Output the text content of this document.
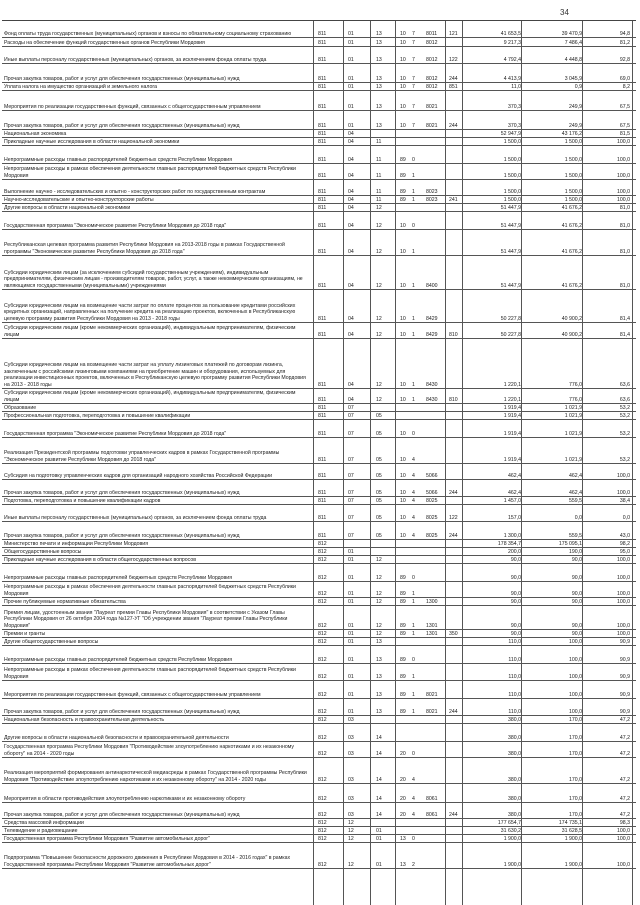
34
Фонд оплаты труда государственных (муниципальных) органов и взносы по обязательному социальному страхованию	811	01	13	10	7	8011	121	41 653,5	39 470,9	94,8
Расходы на обеспечение функций государственных органов Республики Мордовия	811	01	13	10	7	8012	9 217,3	7 486,4	81,2
Иные выплаты персоналу государственных (муниципальных) органов, за исключением фонда оплаты труда	811	01	13	10	7	8012	122	4 792,4	4 448,8	92,8
Прочая закупка товаров, работ и услуг для обеспечения государственных (муниципальных) нужд	811	01	13	10	7	8012	244	4 413,9	3 045,9	69,0
Уплата налога на имущество организаций и земельного налога	811	01	13	10	7	8012	851	11,0	0,9	8,2
Мероприятия по реализации государственных функций, связанных с общегосударственным управлением	811	01	13	10	7	8021	370,3	249,9	67,5
Прочая закупка товаров, работ и услуг для обеспечения государственных (муниципальных) нужд	811	01	13	10	7	8021	244	370,3	249,9	67,5
Национальная экономика	811	04	52 947,9	43 176,2	81,5
Прикладные научные исследования в области национальной экономики	811	04	11	1 500,0	1 500,0	100,0
Непрограммные расходы главных распорядителей бюджетных средств Республики Мордовия	811	04	11	89	0	1 500,0	1 500,0	100,0
Непрограммные расходы в рамках обеспечения деятельности главных распорядителей бюджетных средств Республики Мордовия	811	04	11	89	1	1 500,0	1 500,0	100,0
Выполнение научно - исследовательских и опытно - конструкторских работ по государственным контрактам	811	04	11	89	1	8023	1 500,0	1 500,0	100,0
Научно-исследовательские и опытно-конструкторские работы	811	04	11	89	1	8023	241	1 500,0	1 500,0	100,0
Другие вопросы в области национальной экономики	811	04	12	51 447,9	41 676,2	81,0
Государственная программа "Экономическое развитие Республики Мордовия до 2018 года"	811	04	12	10	0	51 447,9	41 676,2	81,0
Республиканская целевая программа развития Республики Мордовия на 2013-2018 годы в рамках Государственной программы "Экономическое развитие Республики Мордовия до 2018 года"	811	04	12	10	1	51 447,9	41 676,2	81,0
Субсидии юридическим лицам (за исключением субсидий государственным учреждениям), индивидуальным предпринимателям, физическим лицам - производителям товаров, работ, услуг, а также некоммерческим организациям, не являющимся государственными (муниципальными) учреждениями	811	04	12	10	1	8400	51 447,9	41 676,2	81,0
Субсидии юридическим лицам на возмещение части затрат по оплате процентов за пользование кредитами российских кредитных организаций, направленных на получение кредита на реализацию проектов, включенных в Республиканскую целевую программу развития Республики Мордовия на 2013 - 2018 годы	811	04	12	10	1	8429	50 227,8	40 900,2	81,4
Субсидии юридическим лицам (кроме некоммерческих организаций), индивидуальным предпринимателям, физическим лицам	811	04	12	10	1	8429	810	50 227,8	40 900,2	81,4
Субсидии юридическим лицам на возмещение части затрат на уплату лизинговых платежей по договорам лизинга, заключенным с российскими лизинговыми компаниями на приобретение машин и оборудования, используемых для реализации инвестиционных проектов, включенных в Республиканскую целевую программу развития Республики Мордовия на 2013 - 2018 годы	811	04	12	10	1	8430	1 220,1	776,0	63,6
Субсидии юридическим лицам (кроме некоммерческих организаций), индивидуальным предпринимателям, физическим лицам	811	04	12	10	1	8430	810	1 220,1	776,0	63,6
Образование	811	07	1 919,4	1 021,9	53,2
Профессиональная подготовка, переподготовка и повышение квалификации	811	07	05	1 919,4	1 021,9	53,2
Государственная программа "Экономическое развитие Республики Мордовия до 2018 года"	811	07	05	10	0	1 919,4	1 021,9	53,2
Реализация Президентской программы подготовки управленческих кадров в рамках Государственной программы "Экономическое развитие Республики Мордовия до 2018 года"	811	07	05	10	4	1 919,4	1 021,9	53,2
Субсидия на подготовку управленческих кадров для организаций народного хозяйства Российской Федерации	811	07	05	10	4	5066	462,4	462,4	100,0
Прочая закупка товаров, работ и услуг для обеспечения государственных (муниципальных) нужд	811	07	05	10	4	5066	244	462,4	462,4	100,0
Подготовка, переподготовка и повышение квалификации кадров	811	07	05	10	4	8025	1 457,0	559,5	38,4
Иные выплаты персоналу государственных (муниципальных) органов, за исключением фонда оплаты труда	811	07	05	10	4	8025	122	157,0	0,0	0,0
Прочая закупка товаров, работ и услуг для обеспечения государственных (муниципальных) нужд	811	07	05	10	4	8025	244	1 300,0	559,5	43,0
Министерство печати и информации Республики Мордовия	812	178 354,7	175 095,1	98,2
Общегосударственные вопросы	812	01	200,0	190,0	95,0
Прикладные научные исследования в области общегосударственных вопросов	812	01	12	90,0	90,0	100,0
Непрограммные расходы главных распорядителей бюджетных средств Республики Мордовия	812	01	12	89	0	90,0	90,0	100,0
Непрограммные расходы в рамках обеспечения деятельности главных распорядителей бюджетных средств Республики Мордовия	812	01	12	89	1	90,0	90,0	100,0
Прочие публикуемые нормативные обязательства	812	01	12	89	1	1300	90,0	90,0	100,0
Премия лицам, удостоенным звания "Лауреат премии Главы Республики Мордовия" в соответствии с Указом Главы Республики Мордовия от 26 октября 2004 года №127-УГ "Об учреждении звания "Лауреат премии Главы Республики Мордовия"	812	01	12	89	1	1301	90,0	90,0	100,0
Премии и гранты	812	01	12	89	1	1301	350	90,0	90,0	100,0
Другие общегосударственные вопросы	812	01	13	110,0	100,0	90,9
Непрограммные расходы главных распорядителей бюджетных средств Республики Мордовия	812	01	13	89	0	110,0	100,0	90,9
Непрограммные расходы в рамках обеспечения деятельности главных распорядителей бюджетных средств Республики Мордовия	812	01	13	89	1	110,0	100,0	90,9
Мероприятия по реализации государственных функций, связанных с общегосударственным управлением	812	01	13	89	1	8021	110,0	100,0	90,9
Прочая закупка товаров, работ и услуг для обеспечения государственных (муниципальных) нужд	812	01	13	89	1	8021	244	110,0	100,0	90,9
Национальная безопасность и правоохранительная деятельность	812	03	380,0	170,0	47,2
Другие вопросы в области национальной безопасности и правоохранительной деятельности	812	03	14	380,0	170,0	47,2
Государственная программа Республики Мордовия "Противодействие злоупотреблению наркотиками и их незаконному обороту" на 2014 - 2020 годы	812	03	14	20	0	380,0	170,0	47,2
Реализация мероприятий формирования антинаркотической медиасреды в рамках Государственной программы Республики Мордовия "Противодействие злоупотреблению наркотиками и их незаконному обороту" на 2014 - 2020 годы	812	03	14	20	4	380,0	170,0	47,2
Мероприятия в области противодействия злоупотреблению наркотиками и их незаконному обороту	812	03	14	20	4	8061	380,0	170,0	47,2
Прочая закупка товаров, работ и услуг для обеспечения государственных (муниципальных) нужд	812	03	14	20	4	8061	244	380,0	170,0	47,2
Средства массовой информации	812	12	177 654,7	174 735,1	98,3
Телевидение и радиовещание	812	12	01	31 630,2	31 628,5	100,0
Государственная программа Республики Мордовия "Развитие автомобильных дорог"	812	12	01	13	0	1 900,0	1 900,0	100,0
Подпрограмма "Повышение безопасности дорожного движения в Республике Мордовия в 2014 - 2016 годах" в рамках Государственной программы Республики Мордовия "Развитие автомобильных дорог"	812	12	01	13	2	1 900,0	1 900,0	100,0
